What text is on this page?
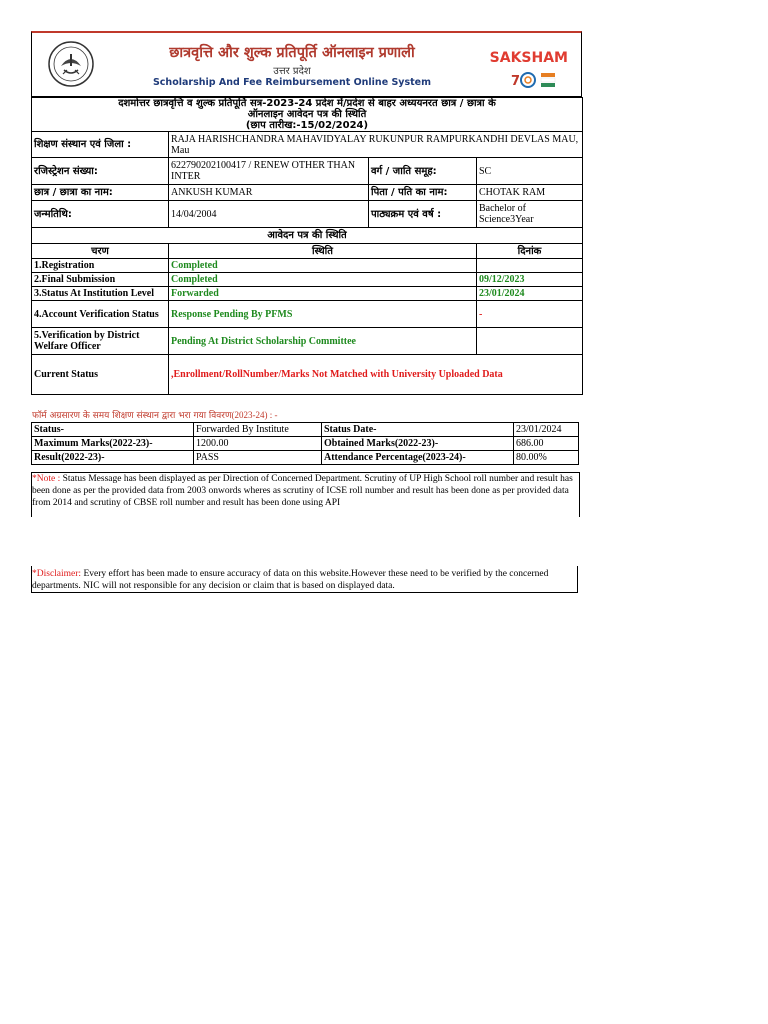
छात्रवृत्ति और शुल्क प्रतिपूर्ति ऑनलाइन प्रणाली
उत्तर प्रदेश
Scholarship And Fee Reimbursement Online System
SAKSHAM
7
दशमोत्तर छात्रवृत्ति व शुल्क प्रतिपूर्ति सत्र-2023-24 प्रदेश में/प्रदेश से बाहर अध्ययनरत छात्र / छात्रा के
ऑनलाइन आवेदन पत्र की स्थिति
(छाप तारीख:-15/02/2024)			

शिक्षण संस्थान एवं जिला :	RAJA HARISHCHANDRA MAHAVIDYALAY RUKUNPUR RAMPURKANDHI DEVLAS MAU, Mau		
रजिस्ट्रेशन संख्या:	622790202100417 / RENEW OTHER THAN INTER	वर्ग / जाति समूह:	SC
छात्र / छात्रा का नाम:	ANKUSH KUMAR	पिता / पति का नाम:	CHOTAK RAM
जन्मतिथि:	14/04/2004	पाठ्यक्रम एवं वर्ष :	Bachelor of Science3Year
आवेदन पत्र की स्थिति			
चरण	स्थिति		दिनांक
1.Registration	Completed		
2.Final Submission	Completed		09/12/2023
3.Status At Institution Level	Forwarded		23/01/2024
4.Account Verification Status	Response Pending By PFMS		-
5.Verification by District Welfare Officer	Pending At District Scholarship Committee		
Current Status	,Enrollment/RollNumber/Marks Not Matched with University Uploaded Data		
फॉर्म अग्रसारण के समय शिक्षण संस्थान द्वारा भरा गया विवरण(2023-24) : -
Status-	Forwarded By Institute	Status Date-	23/01/2024
Maximum Marks(2022-23)-	1200.00	Obtained Marks(2022-23)-	686.00
Result(2022-23)-	PASS	Attendance Percentage(2023-24)-	80.00%
*Note : Status Message has been displayed as per Direction of Concerned Department. Scrutiny of UP High School roll number and result has been done as per the provided data from 2003 onwords wheres as scrutiny of ICSE roll number and result has been done as per provided data from 2014 and scrutiny of CBSE roll number and result has been done using API
*Disclaimer: Every effort has been made to ensure accuracy of data on this website.However these need to be verified by the concerned departments. NIC will not responsible for any decision or claim that is based on displayed data.
